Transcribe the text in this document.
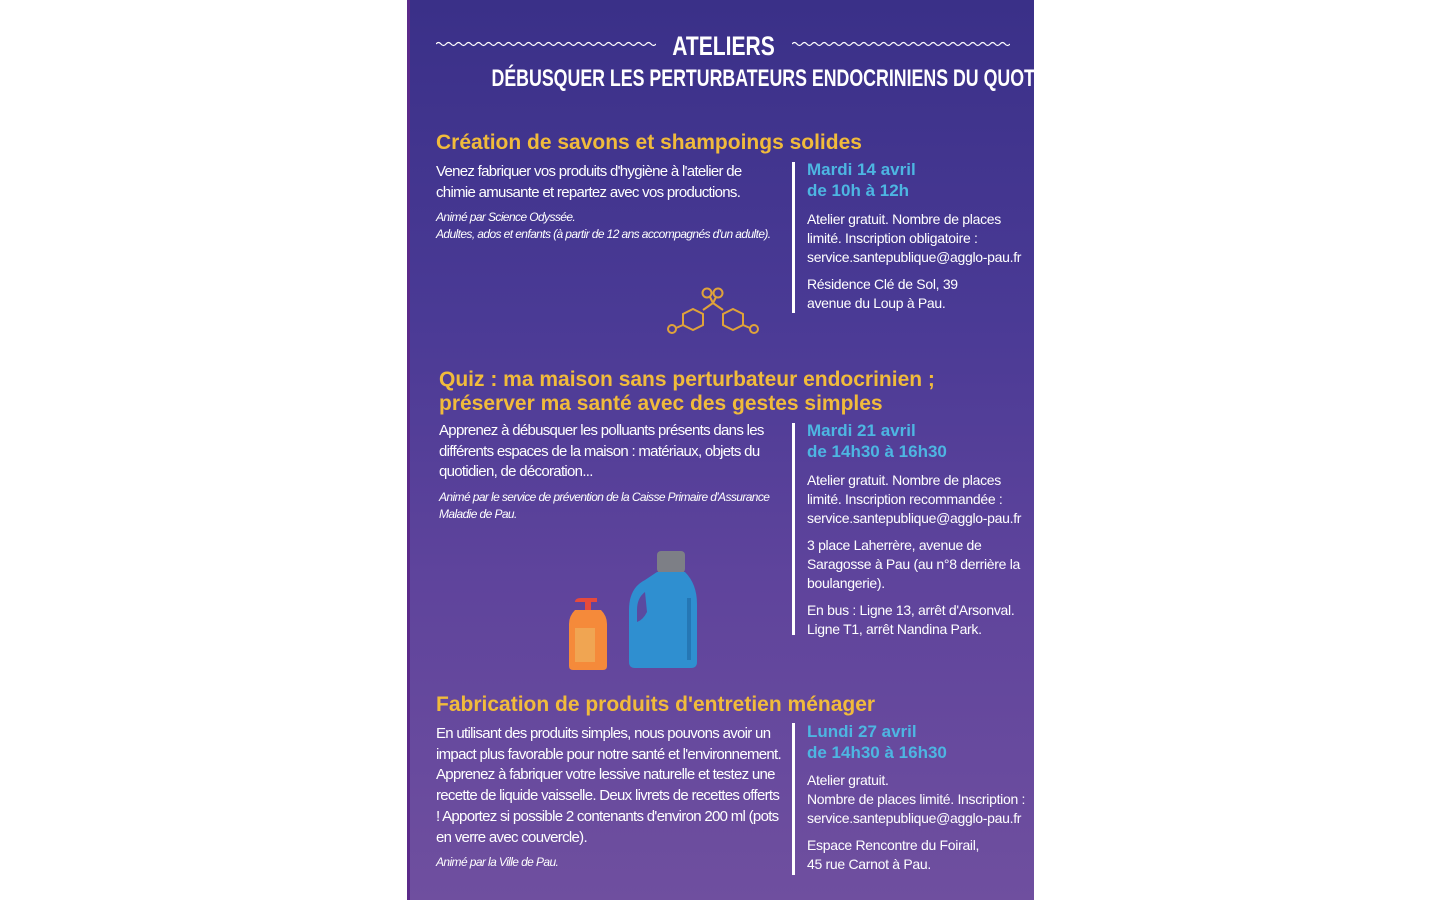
ATELIERS
DÉBUSQUER LES PERTURBATEURS ENDOCRINIENS DU QUOTIDIEN
Création de savons et shampoings solides

Venez fabriquer vos produits d'hygiène à l'atelier de chimie amusante et repartez avec vos productions.

Animé par Science Odyssée.

Adultes, ados et enfants (à partir de 12 ans accompagnés d'un adulte).

Mardi 14 avril
de 10h à 12h

Atelier gratuit. Nombre de places limité. Inscription obligatoire : service.santepublique@agglo-pau.fr

Résidence Clé de Sol, 39 avenue du Loup à Pau.

Quiz : ma maison sans perturbateur endocrinien ;
préserver ma santé avec des gestes simples

Apprenez à débusquer les polluants présents dans les différents espaces de la maison : matériaux, objets du quotidien, de décoration...

Animé par le service de prévention de la Caisse Primaire d'Assurance Maladie de Pau.

Mardi 21 avril
de 14h30 à 16h30

Atelier gratuit. Nombre de places limité. Inscription recommandée : service.santepublique@agglo-pau.fr

3 place Laherrère, avenue de Saragosse à Pau (au n°8 derrière la boulangerie).

En bus : Ligne 13, arrêt d'Arsonval. Ligne T1, arrêt Nandina Park.

Fabrication de produits d'entretien ménager

En utilisant des produits simples, nous pouvons avoir un impact plus favorable pour notre santé et l'environnement. Apprenez à fabriquer votre lessive naturelle et testez une recette de liquide vaisselle. Deux livrets de recettes offerts ! Apportez si possible 2 contenants d'environ 200 ml (pots en verre avec couvercle).

Animé par la Ville de Pau.

Lundi 27 avril
de 14h30 à 16h30

Atelier gratuit.

Nombre de places limité. Inscription : service.santepublique@agglo-pau.fr

Espace Rencontre du Foirail, 45 rue Carnot à Pau.
